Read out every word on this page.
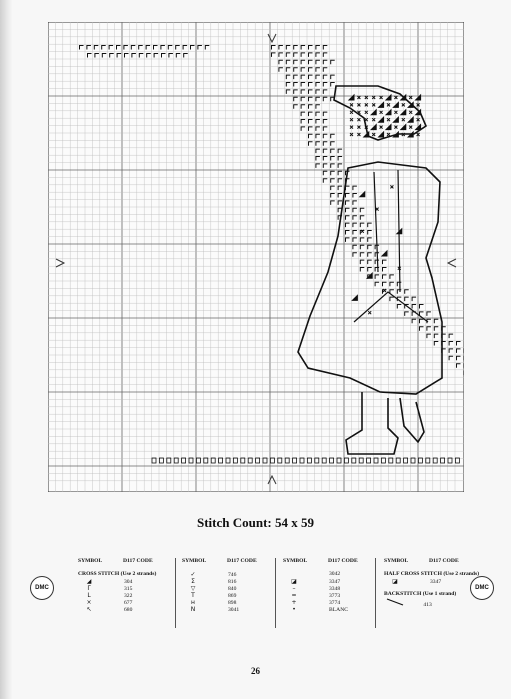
Stitch Count: 54 x 59
DMC	DMC
SYMBOL	D117 CODE
CROSS STITCH (Use 2 strands)
◢	304
Γ	315
L	322
×	677
↖	680
SYMBOL	D117 CODE
✓	746
Σ	816
▽	840
T	869
н	898
N	3041
SYMBOL	D117 CODE
3042
◪	3347
–	3348
=	3773
+	3774
•	BLANC
SYMBOL	D117 CODE
HALF CROSS STITCH (Use 2 strands)
◪	3347
BACKSTITCH (Use 1 strand)
413
26
